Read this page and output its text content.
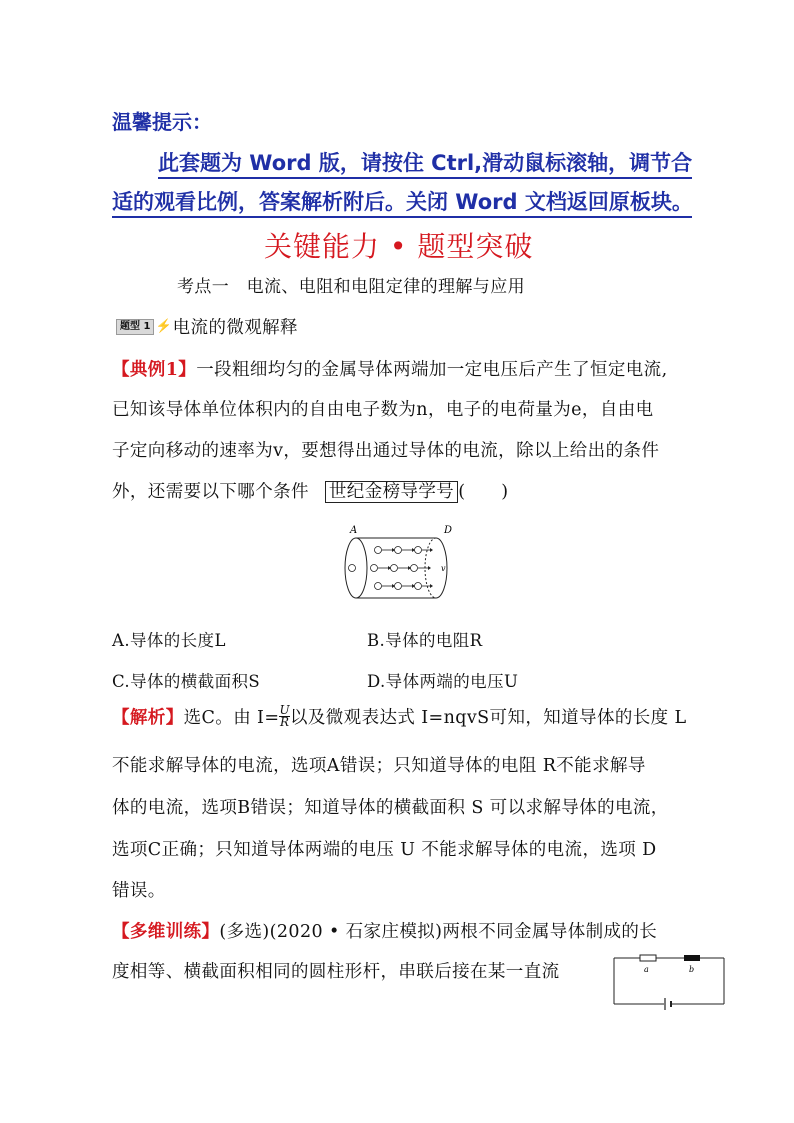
温馨提示：
此套题为 Word 版，请按住 Ctrl,滑动鼠标滚轴，调节合
适的观看比例，答案解析附后。关闭 Word 文档返回原板块。
关键能力 • 题型突破
考点一　电流、电阻和电阻定律的理解与应用
题型 1 ⚡ 电流的微观解释
【典例1】一段粗细均匀的金属导体两端加一定电压后产生了恒定电流,
已知该导体单位体积内的自由电子数为n，电子的电荷量为e，自由电
子定向移动的速率为v，要想得出通过导体的电流，除以上给出的条件
外，还需要以下哪个条件 世纪金榜导学号 (　　)
A	D
v
A.导体的长度L	B.导体的电阻R
C.导体的横截面积S	D.导体两端的电压U
【解析】 选C。由 $I= \frac{U}{R}$ 以及微观表达式 I=nqvS可知，知道导体的长度 L
不能求解导体的电流，选项A错误；只知道导体的电阻 R不能求解导
体的电流，选项B错误；知道导体的横截面积 S 可以求解导体的电流，
选项C正确；只知道导体两端的电压 U 不能求解导体的电流，选项 D
错误。
【多维训练】(多选)(2020 • 石家庄模拟)两根不同金属导体制成的长
度相等、横截面积相同的圆柱形杆，串联后接在某一直流	a	b
